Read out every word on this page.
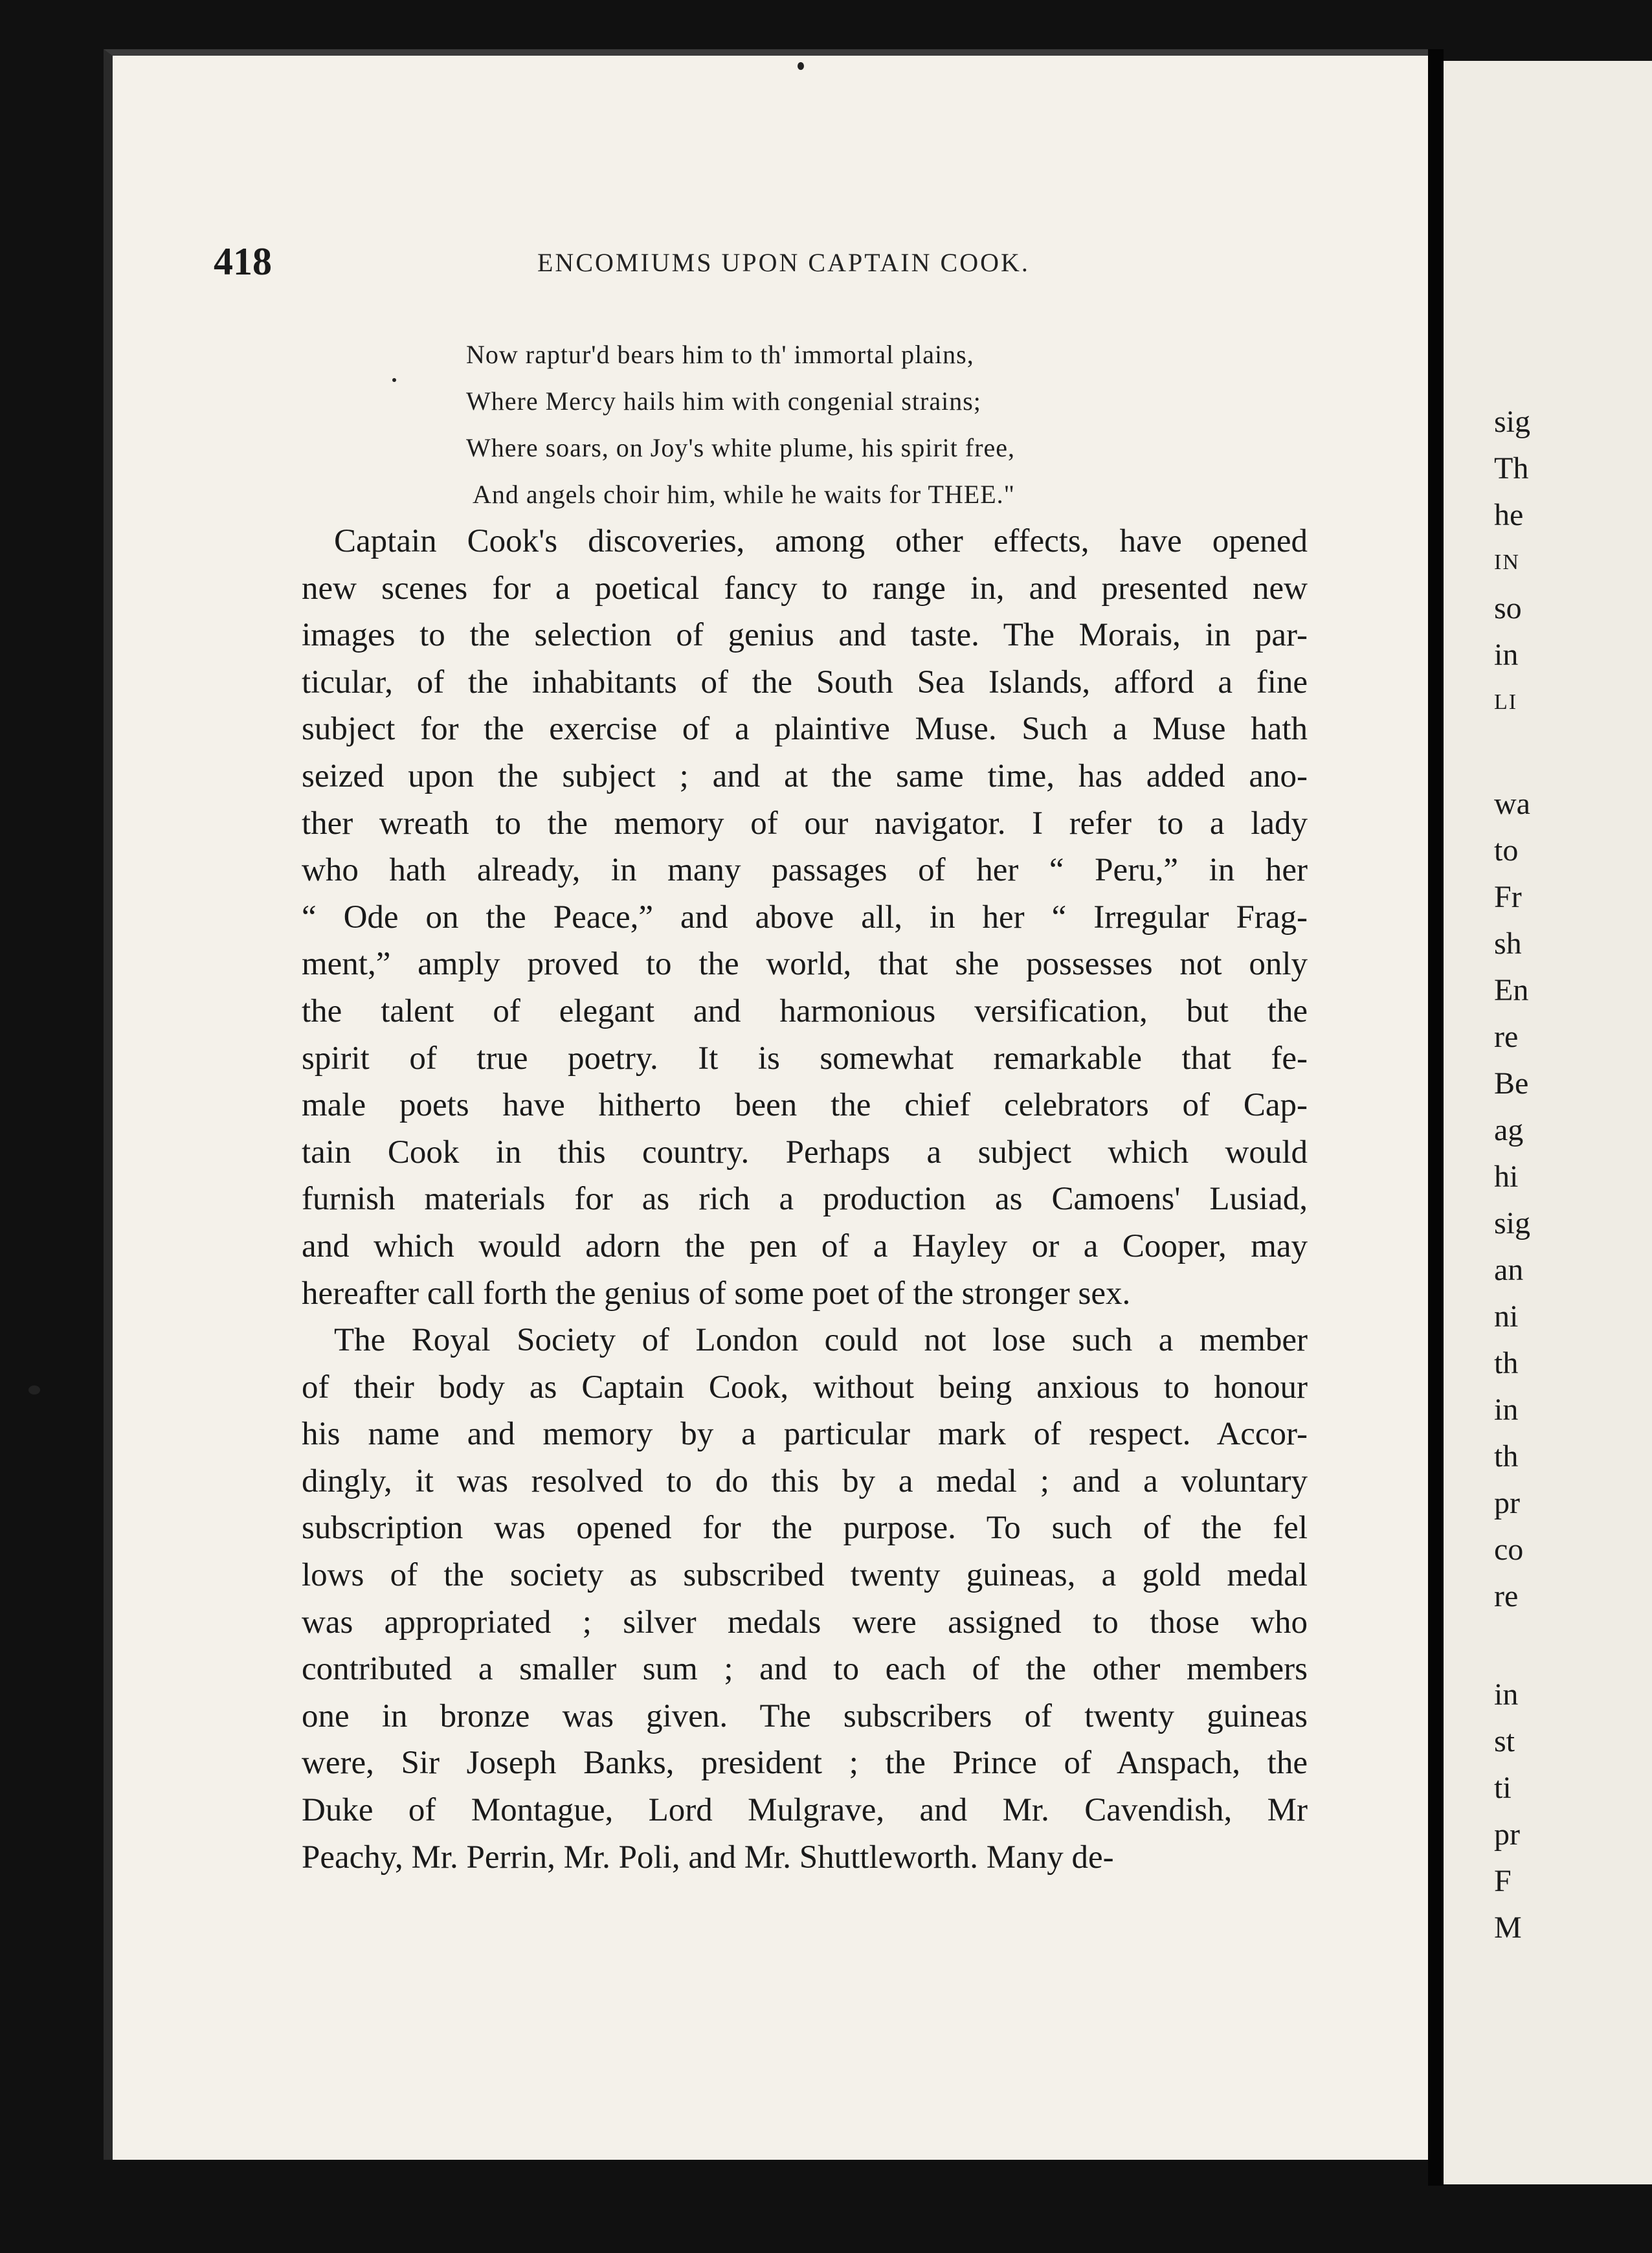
418	ENCOMIUMS UPON CAPTAIN COOK.
Now raptur'd bears him to th' immortal plains,
Where Mercy hails him with congenial strains;
Where soars, on Joy's white plume, his spirit free,
And angels choir him, while he waits for THEE."
Captain Cook's discoveries, among other effects, have opened
new scenes for a poetical fancy to range in, and presented new
images to the selection of genius and taste. The Morais, in par-
ticular, of the inhabitants of the South Sea Islands, afford a fine
subject for the exercise of a plaintive Muse. Such a Muse hath
seized upon the subject ; and at the same time, has added ano-
ther wreath to the memory of our navigator. I refer to a lady
who hath already, in many passages of her “ Peru,” in her
“ Ode on the Peace,” and above all, in her “ Irregular Frag-
ment,” amply proved to the world, that she possesses not only
the talent of elegant and harmonious versification, but the
spirit of true poetry. It is somewhat remarkable that fe-
male poets have hitherto been the chief celebrators of Cap-
tain Cook in this country. Perhaps a subject which would
furnish materials for as rich a production as Camoens' Lusiad,
and which would adorn the pen of a Hayley or a Cooper, may
hereafter call forth the genius of some poet of the stronger sex.
The Royal Society of London could not lose such a member
of their body as Captain Cook, without being anxious to honour
his name and memory by a particular mark of respect. Accor-
dingly, it was resolved to do this by a medal ; and a voluntary
subscription was opened for the purpose. To such of the fel
lows of the society as subscribed twenty guineas, a gold medal
was appropriated ; silver medals were assigned to those who
contributed a smaller sum ; and to each of the other members
one in bronze was given. The subscribers of twenty guineas
were, Sir Joseph Banks, president ; the Prince of Anspach, the
Duke of Montague, Lord Mulgrave, and Mr. Cavendish, Mr
Peachy, Mr. Perrin, Mr. Poli, and Mr. Shuttleworth. Many de-
sig
Th
he
IN
so
in
LI
wa
to
Fr
sh
En
re
Be
ag
hi
sig
an
ni
th
in
th
pr
co
re
in
st
ti
pr
F
M
